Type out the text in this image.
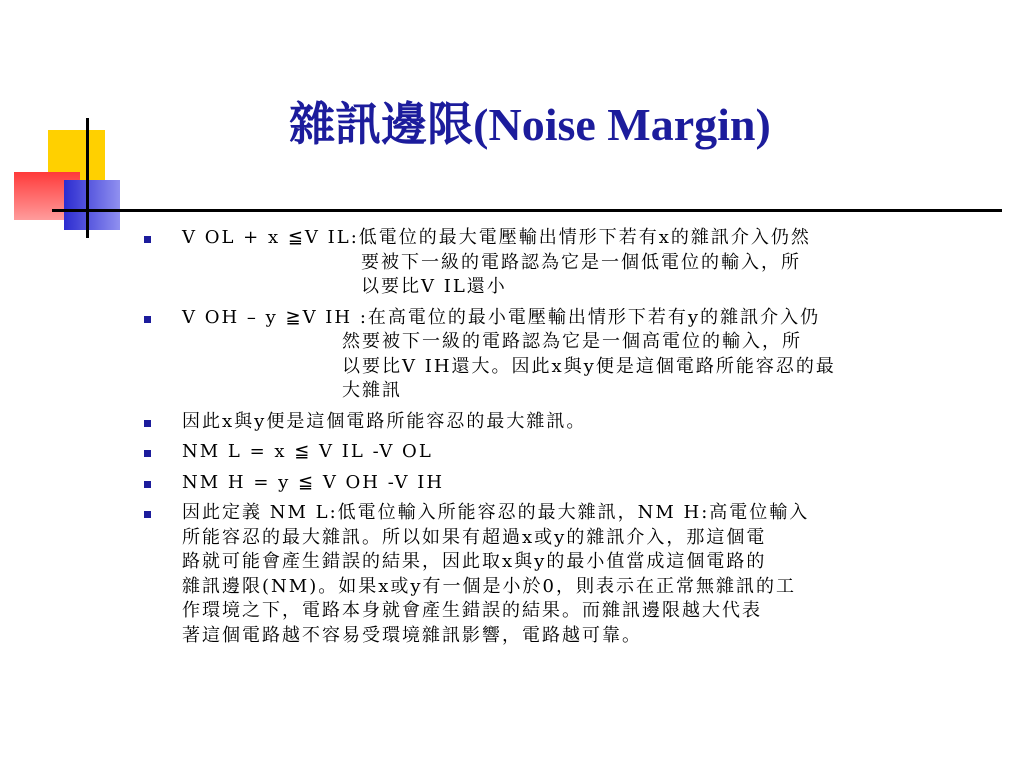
雜訊邊限(Noise Margin)
V OL + x ≦V IL:低電位的最大電壓輸出情形下若有x的雜訊介入仍然
要被下一級的電路認為它是一個低電位的輸入，所
以要比V IL還小
V OH – y ≧V IH :在高電位的最小電壓輸出情形下若有y的雜訊介入仍
然要被下一級的電路認為它是一個高電位的輸入，所
以要比V IH還大。因此x與y便是這個電路所能容忍的最
大雜訊
因此x與y便是這個電路所能容忍的最大雜訊。
NM L = x ≦ V IL -V OL
NM H = y ≦ V OH -V IH
因此定義 NM L:低電位輸入所能容忍的最大雜訊，NM H:高電位輸入
所能容忍的最大雜訊。所以如果有超過x或y的雜訊介入，那這個電
路就可能會產生錯誤的結果，因此取x與y的最小值當成這個電路的
雜訊邊限(NM)。如果x或y有一個是小於0，則表示在正常無雜訊的工
作環境之下，電路本身就會產生錯誤的結果。而雜訊邊限越大代表
著這個電路越不容易受環境雜訊影響，電路越可靠。
